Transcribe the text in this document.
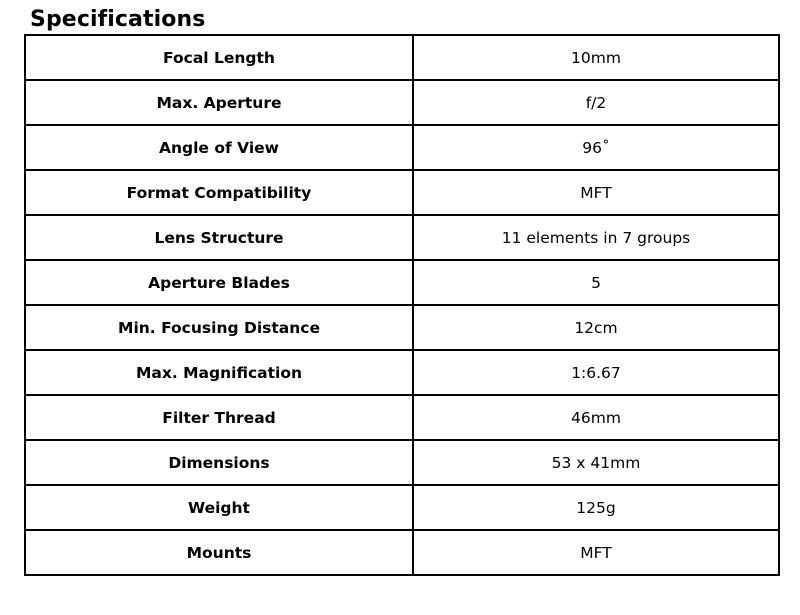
Specifications
Focal Length	10mm
Max. Aperture	f/2
Angle of View	96˚
Format Compatibility	MFT
Lens Structure	11 elements in 7 groups
Aperture Blades	5
Min. Focusing Distance	12cm
Max. Magnification	1:6.67
Filter Thread	46mm
Dimensions	53 x 41mm
Weight	125g
Mounts	MFT
